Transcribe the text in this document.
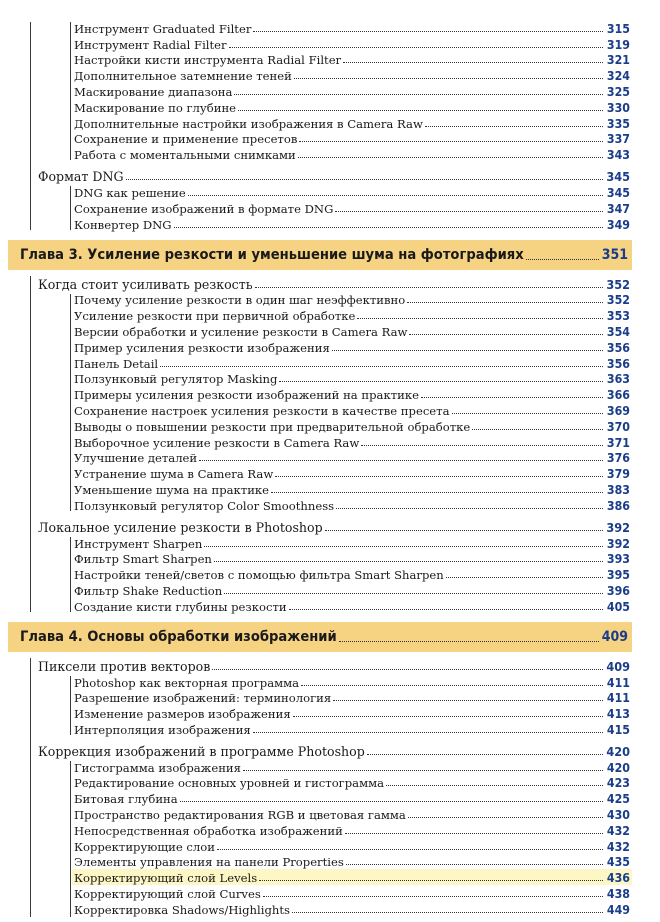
Инструмент Graduated Filter	315
Инструмент Radial Filter	319
Настройки кисти инструмента Radial Filter	321
Дополнительное затемнение теней	324
Маскирование диапазона	325
Маскирование по глубине	330
Дополнительные настройки изображения в Camera Raw	335
Сохранение и применение пресетов	337
Работа с моментальными снимками	343
Формат DNG	345
DNG как решение	345
Сохранение изображений в формате DNG	347
Конвертер DNG	349
Глава 3. Усиление резкости и уменьшение шума на фотографиях	351
Когда стоит усиливать резкость	352
Почему усиление резкости в один шаг неэффективно	352
Усиление резкости при первичной обработке	353
Версии обработки и усиление резкости в Camera Raw	354
Пример усиления резкости изображения	356
Панель Detail	356
Ползунковый регулятор Masking	363
Примеры усиления резкости изображений на практике	366
Сохранение настроек усиления резкости в качестве пресета	369
Выводы о повышении резкости при предварительной обработке	370
Выборочное усиление резкости в Camera Raw	371
Улучшение деталей	376
Устранение шума в Camera Raw	379
Уменьшение шума на практике	383
Ползунковый регулятор Color Smoothness	386
Локальное усиление резкости в Photoshop	392
Инструмент Sharpen	392
Фильтр Smart Sharpen	393
Настройки теней/светов с помощью фильтра Smart Sharpen	395
Фильтр Shake Reduction	396
Создание кисти глубины резкости	405
Глава 4. Основы обработки изображений	409
Пиксели против векторов	409
Photoshop как векторная программа	411
Разрешение изображений: терминология	411
Изменение размеров изображения	413
Интерполяция изображения	415
Коррекция изображений в программе Photoshop	420
Гистограмма изображения	420
Редактирование основных уровней и гистограмма	423
Битовая глубина	425
Пространство редактирования RGB и цветовая гамма	430
Непосредственная обработка изображений	432
Корректирующие слои	432
Элементы управления на панели Properties	435
Корректирующий слой Levels	436
Корректирующий слой Curves	438
Корректировка Shadows/Highlights	449
